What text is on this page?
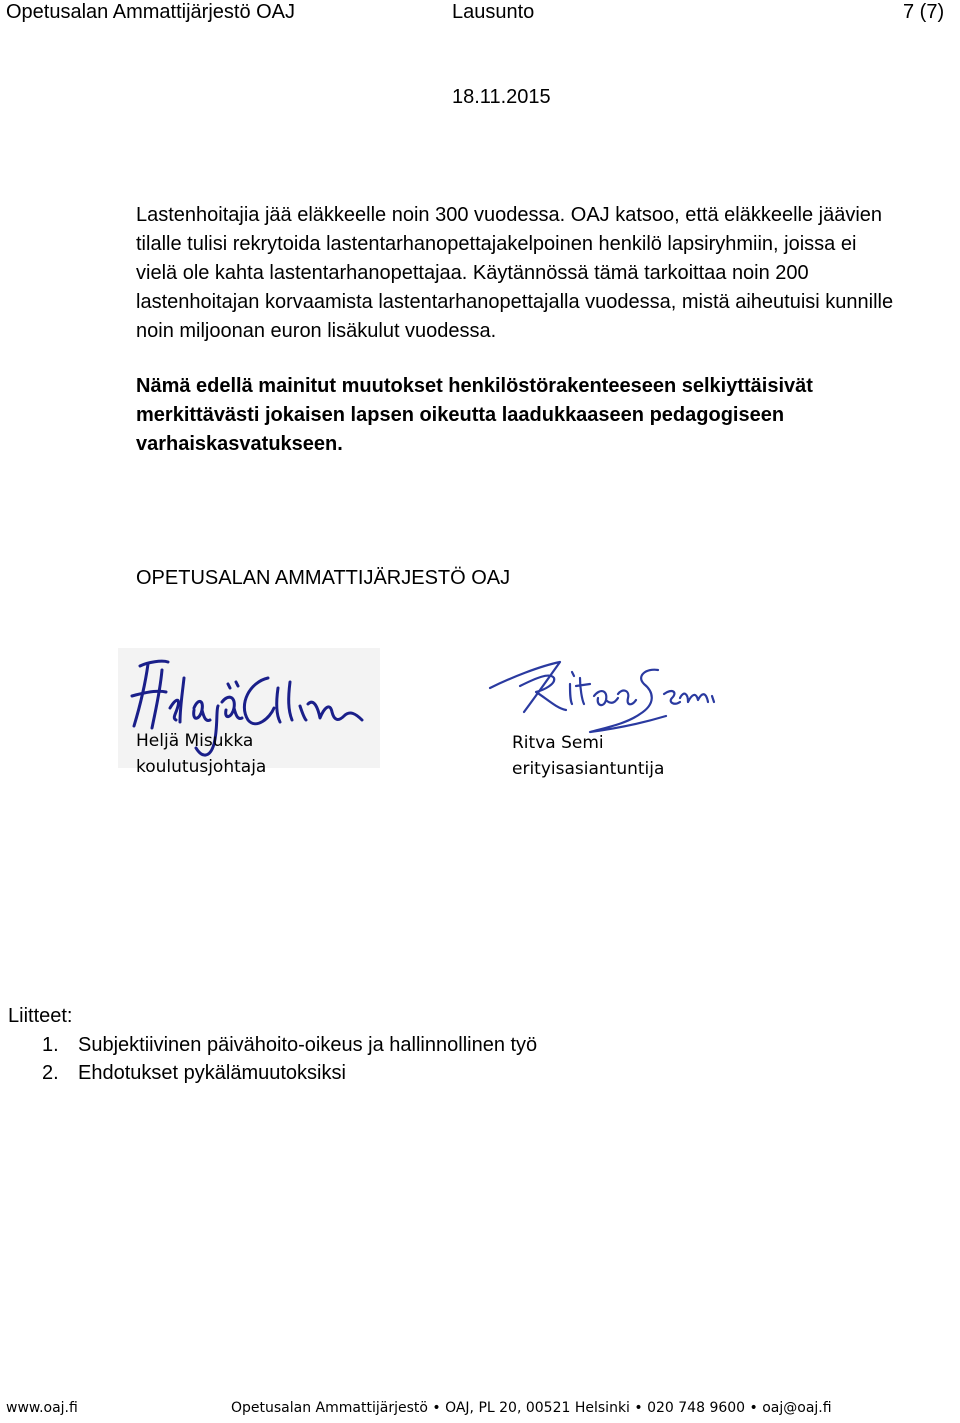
Opetusalan Ammattijärjestö OAJ	Lausunto	7 (7)
18.11.2015

Lastenhoitajia jää eläkkeelle noin 300 vuodessa. OAJ katsoo, että eläkkeelle jäävien

tilalle tulisi rekrytoida lastentarhanopettajakelpoinen henkilö lapsiryhmiin, joissa ei

vielä ole kahta lastentarhanopettajaa. Käytännössä tämä tarkoittaa noin 200

lastenhoitajan korvaamista lastentarhanopettajalla vuodessa, mistä aiheutuisi kunnille

noin miljoonan euron lisäkulut vuodessa.

Nämä edellä mainitut muutokset henkilöstörakenteeseen selkiyttäisivät

merkittävästi jokaisen lapsen oikeutta laadukkaaseen pedagogiseen

varhaiskasvatukseen.

OPETUSALAN AMMATTIJÄRJESTÖ OAJ
Heljä Misukka
koulutusjohtaja
Ritva Semi
erityisasiantuntija
Liitteet:
1. Subjektiivinen päivähoito-oikeus ja hallinnollinen työ
2. Ehdotukset pykälämuutoksiksi
www.oaj.fi	Opetusalan Ammattijärjestö • OAJ, PL 20, 00521 Helsinki • 020 748 9600 • oaj@oaj.fi
